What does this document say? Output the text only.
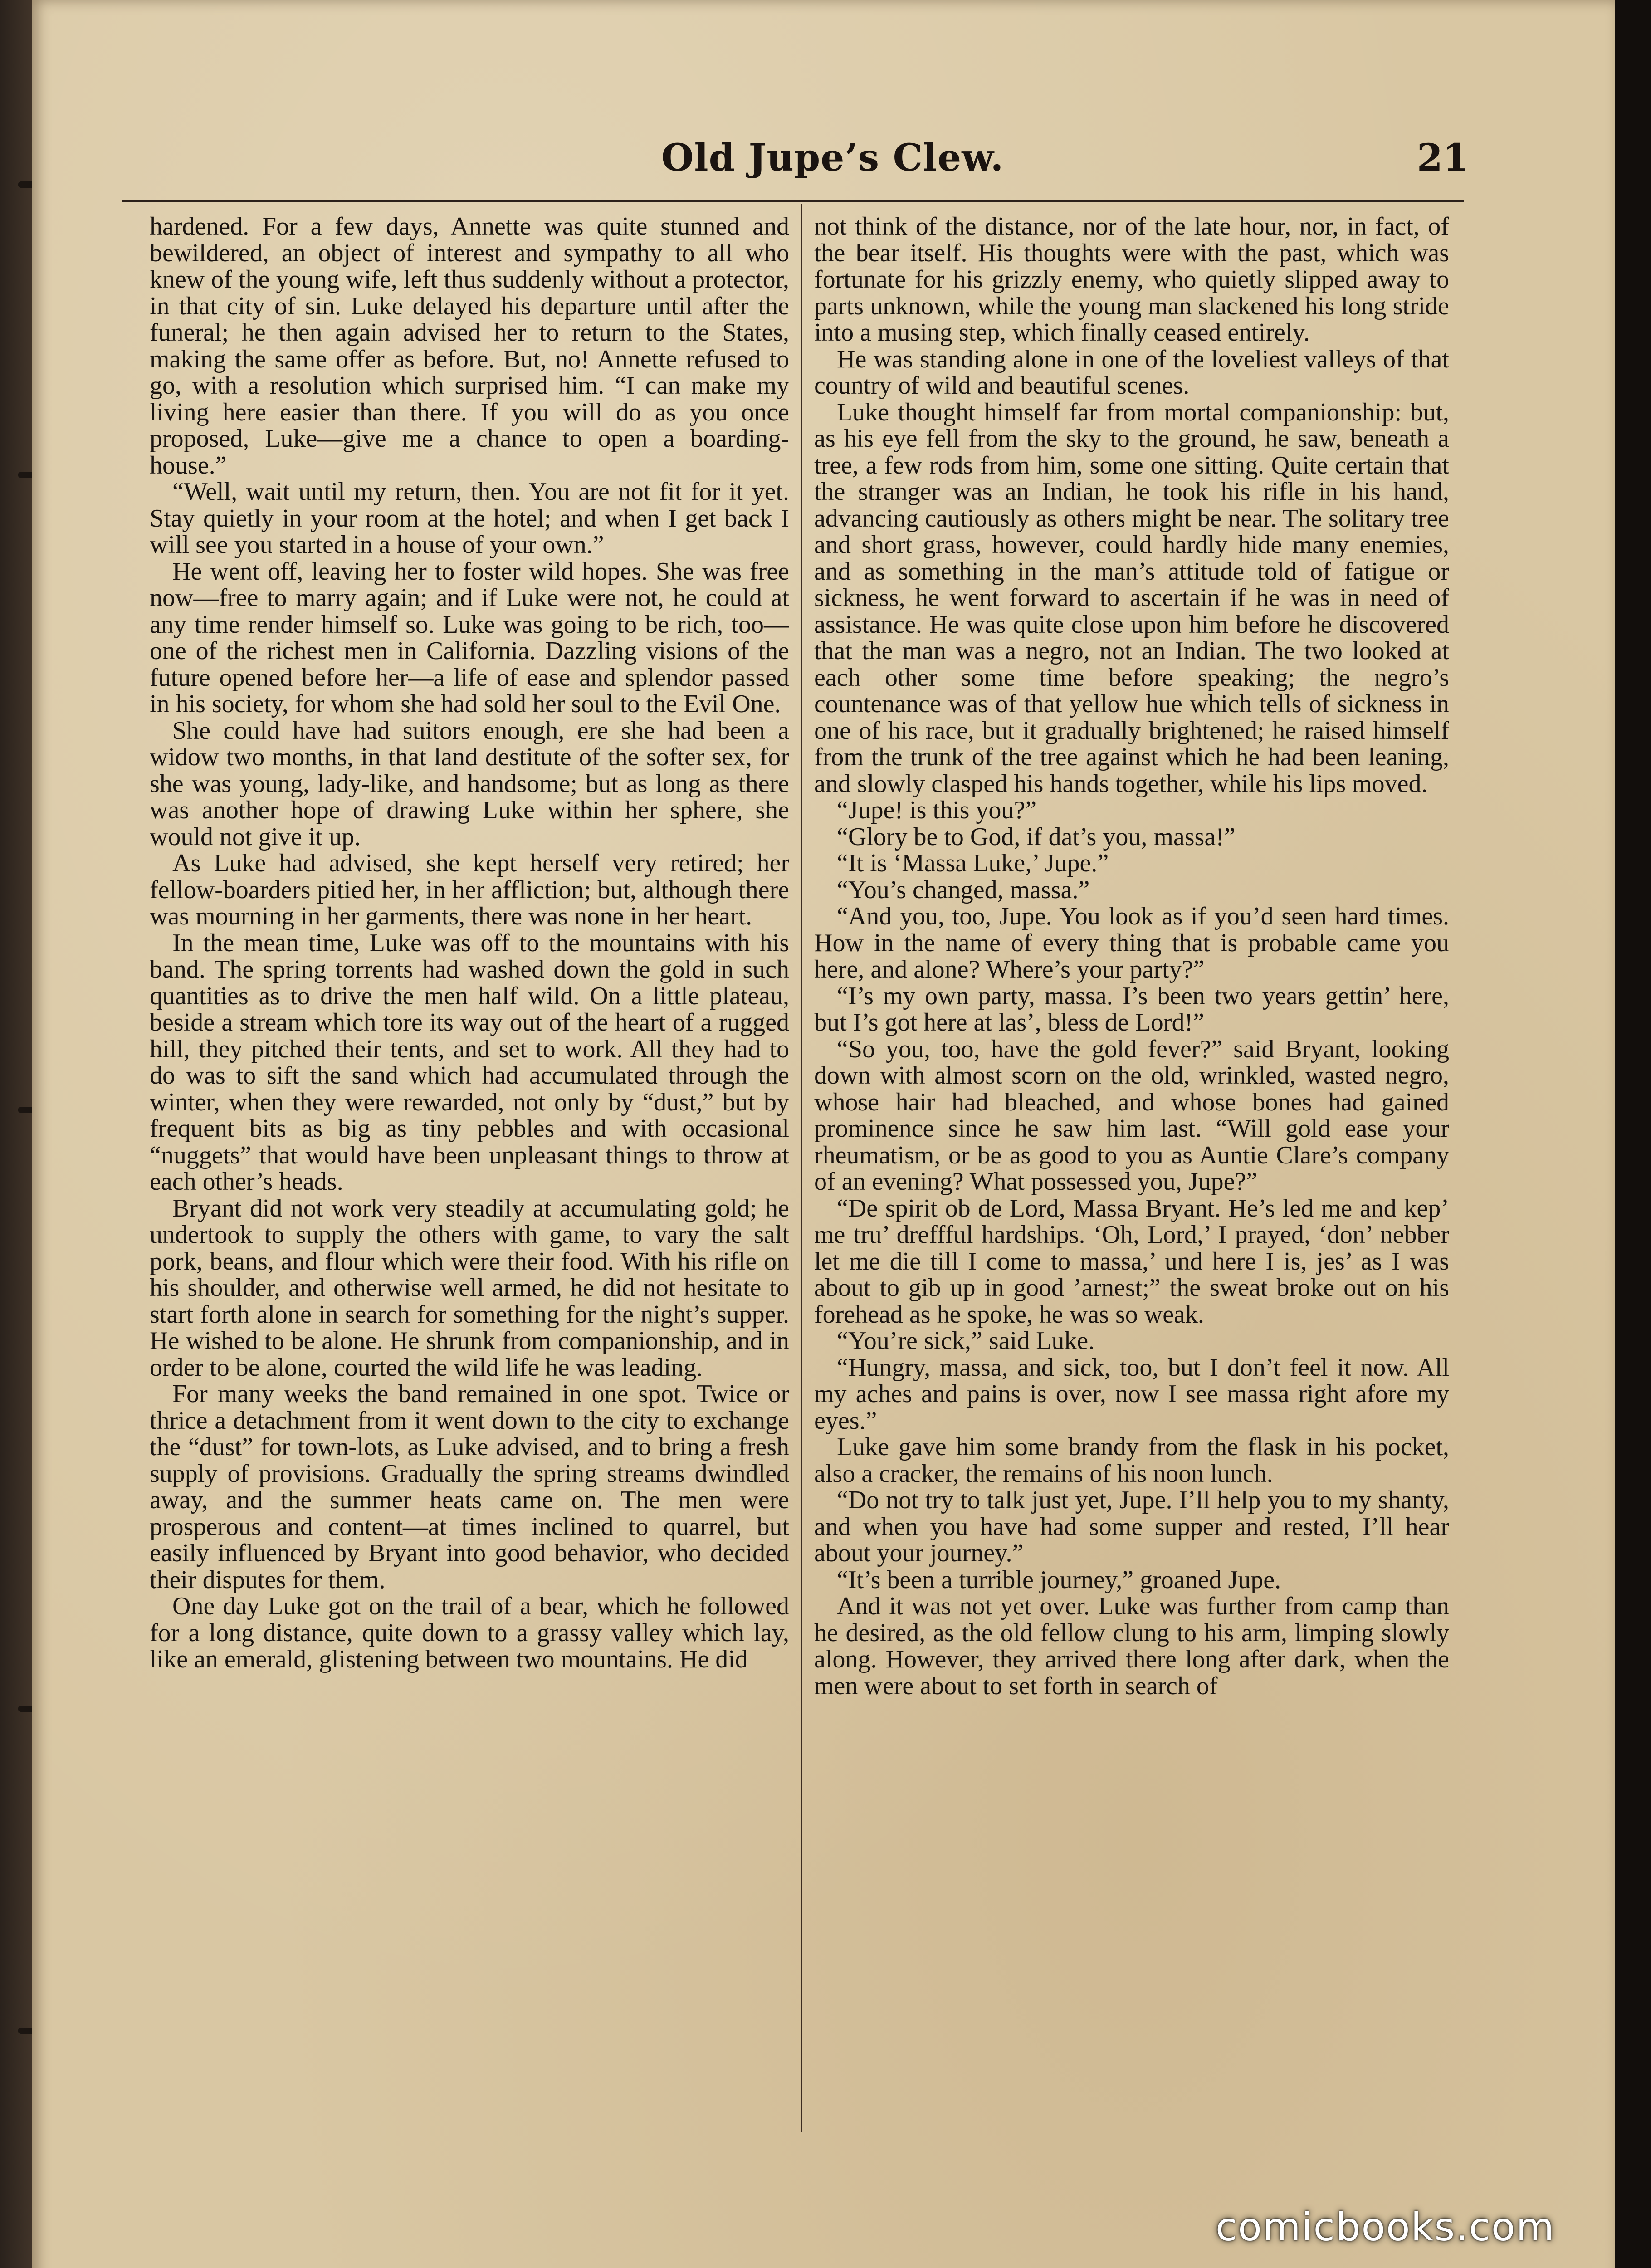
Old Jupe’s Clew.	21

hardened. For a few days, Annette was quite stunned and bewildered, an object of interest and sympathy to all who knew of the young wife, left thus suddenly without a protector, in that city of sin. Luke delayed his departure until after the funeral; he then again advised her to return to the States, making the same offer as before. But, no! Annette refused to go, with a resolution which surprised him. “I can make my living here easier than there. If you will do as you once proposed, Luke—give me a chance to open a boarding-house.”

“Well, wait until my return, then. You are not fit for it yet. Stay quietly in your room at the hotel; and when I get back I will see you started in a house of your own.”

He went off, leaving her to foster wild hopes. She was free now—free to marry again; and if Luke were not, he could at any time render himself so. Luke was going to be rich, too—one of the richest men in California. Dazzling visions of the future opened before her—a life of ease and splendor passed in his society, for whom she had sold her soul to the Evil One.

She could have had suitors enough, ere she had been a widow two months, in that land destitute of the softer sex, for she was young, lady-like, and handsome; but as long as there was another hope of drawing Luke within her sphere, she would not give it up.

As Luke had advised, she kept herself very retired; her fellow-boarders pitied her, in her affliction; but, although there was mourning in her garments, there was none in her heart.

In the mean time, Luke was off to the mountains with his band. The spring torrents had washed down the gold in such quantities as to drive the men half wild. On a little plateau, beside a stream which tore its way out of the heart of a rugged hill, they pitched their tents, and set to work. All they had to do was to sift the sand which had accumulated through the winter, when they were rewarded, not only by “dust,” but by frequent bits as big as tiny pebbles and with occasional “nuggets” that would have been unpleasant things to throw at each other’s heads.

Bryant did not work very steadily at accumulating gold; he undertook to supply the others with game, to vary the salt pork, beans, and flour which were their food. With his rifle on his shoulder, and otherwise well armed, he did not hesitate to start forth alone in search for something for the night’s supper. He wished to be alone. He shrunk from companionship, and in order to be alone, courted the wild life he was leading.

For many weeks the band remained in one spot. Twice or thrice a detachment from it went down to the city to exchange the “dust” for town-lots, as Luke advised, and to bring a fresh supply of provisions. Gradually the spring streams dwindled away, and the summer heats came on. The men were prosperous and content—at times inclined to quarrel, but easily influenced by Bryant into good behavior, who decided their disputes for them.

One day Luke got on the trail of a bear, which he followed for a long distance, quite down to a grassy valley which lay, like an emerald, glistening between two mountains. He did

not think of the distance, nor of the late hour, nor, in fact, of the bear itself. His thoughts were with the past, which was fortunate for his grizzly enemy, who quietly slipped away to parts unknown, while the young man slackened his long stride into a musing step, which finally ceased entirely.

He was standing alone in one of the loveliest valleys of that country of wild and beautiful scenes.

Luke thought himself far from mortal companionship: but, as his eye fell from the sky to the ground, he saw, beneath a tree, a few rods from him, some one sitting. Quite certain that the stranger was an Indian, he took his rifle in his hand, advancing cautiously as others might be near. The solitary tree and short grass, however, could hardly hide many enemies, and as something in the man’s attitude told of fatigue or sickness, he went forward to ascertain if he was in need of assistance. He was quite close upon him before he discovered that the man was a negro, not an Indian. The two looked at each other some time before speaking; the negro’s countenance was of that yellow hue which tells of sickness in one of his race, but it gradually brightened; he raised himself from the trunk of the tree against which he had been leaning, and slowly clasped his hands together, while his lips moved.

“Jupe! is this you?”

“Glory be to God, if dat’s you, massa!”

“It is ‘Massa Luke,’ Jupe.”

“You’s changed, massa.”

“And you, too, Jupe. You look as if you’d seen hard times. How in the name of every thing that is probable came you here, and alone? Where’s your party?”

“I’s my own party, massa. I’s been two years gettin’ here, but I’s got here at las’, bless de Lord!”

“So you, too, have the gold fever?” said Bryant, looking down with almost scorn on the old, wrinkled, wasted negro, whose hair had bleached, and whose bones had gained prominence since he saw him last. “Will gold ease your rheumatism, or be as good to you as Auntie Clare’s company of an evening? What possessed you, Jupe?”

“De spirit ob de Lord, Massa Bryant. He’s led me and kep’ me tru’ dreffful hardships. ‘Oh, Lord,’ I prayed, ‘don’ nebber let me die till I come to massa,’ und here I is, jes’ as I was about to gib up in good ’arnest;” the sweat broke out on his forehead as he spoke, he was so weak.

“You’re sick,” said Luke.

“Hungry, massa, and sick, too, but I don’t feel it now. All my aches and pains is over, now I see massa right afore my eyes.”

Luke gave him some brandy from the flask in his pocket, also a cracker, the remains of his noon lunch.

“Do not try to talk just yet, Jupe. I’ll help you to my shanty, and when you have had some supper and rested, I’ll hear about your journey.”

“It’s been a turrible journey,” groaned Jupe.

And it was not yet over. Luke was further from camp than he desired, as the old fellow clung to his arm, limping slowly along. However, they arrived there long after dark, when the men were about to set forth in search of

comicbooks.com
